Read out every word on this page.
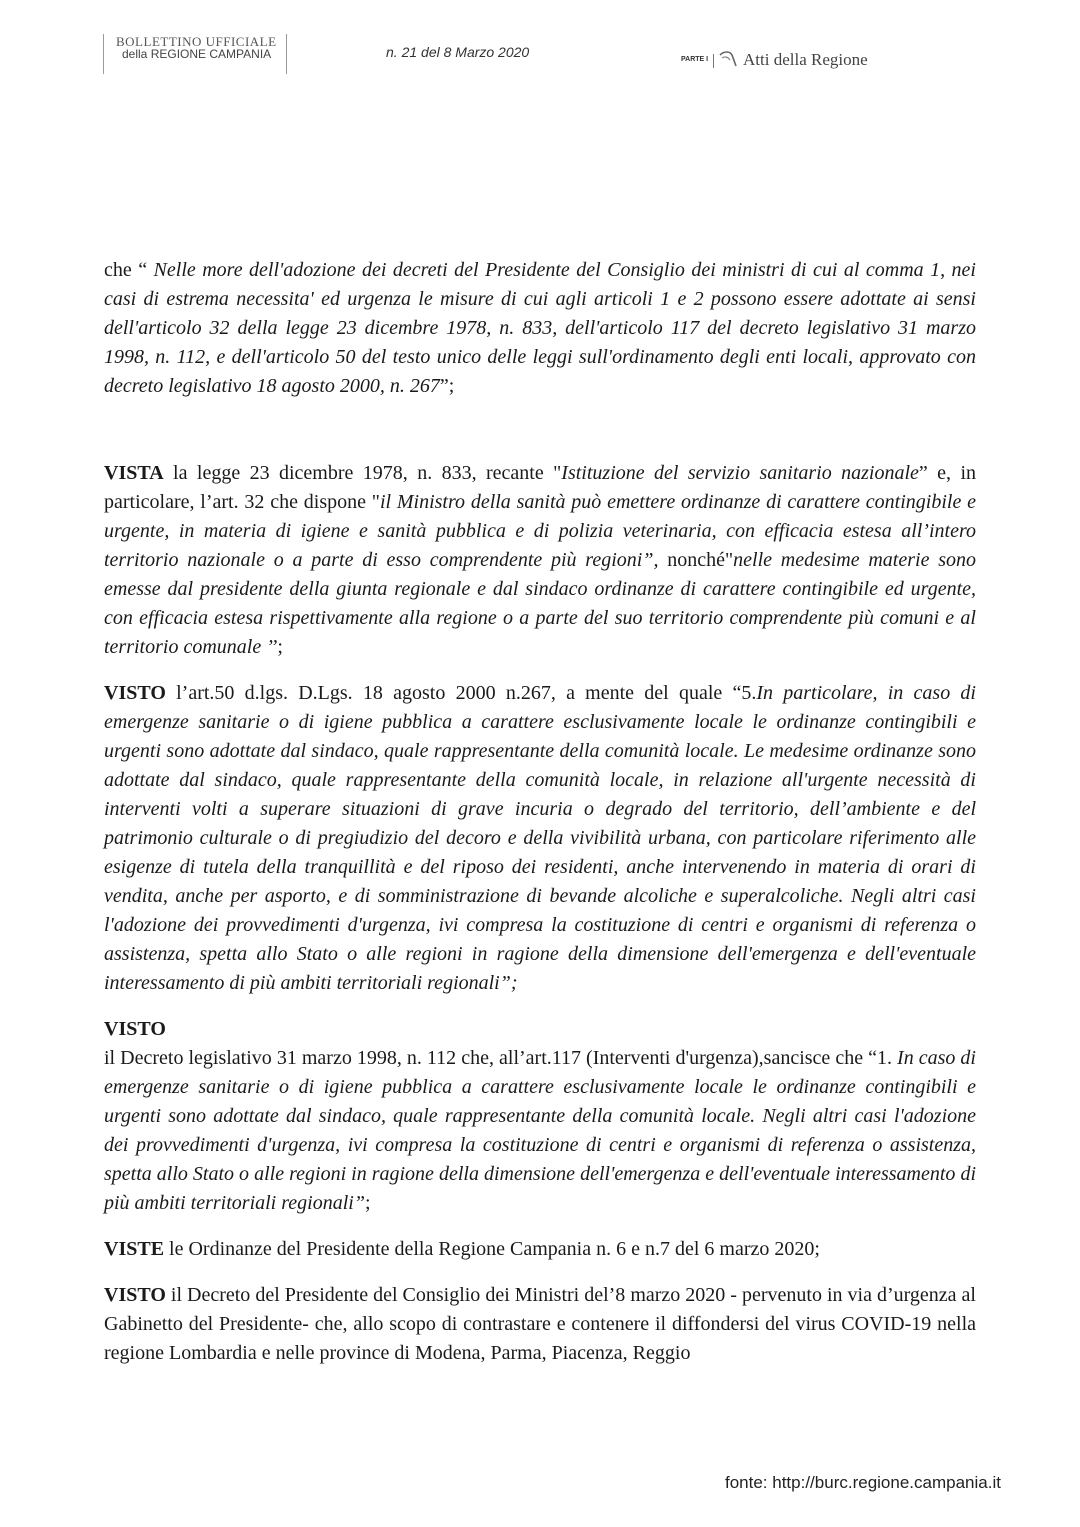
BOLLETTINO UFFICIALE
della REGIONE CAMPANIA	n. 21 del 8 Marzo 2020	PARTE I Atti della Regione

che “ Nelle more dell'adozione dei decreti del Presidente del Consiglio dei ministri di cui al comma 1, nei casi di estrema necessita' ed urgenza le misure di cui agli articoli 1 e 2 possono essere adottate ai sensi dell'articolo 32 della legge 23 dicembre 1978, n. 833, dell'articolo 117 del decreto legislativo 31 marzo 1998, n. 112, e dell'articolo 50 del testo unico delle leggi sull'ordinamento degli enti locali, approvato con decreto legislativo 18 agosto 2000, n. 267”;

VISTA la legge 23 dicembre 1978, n. 833, recante "Istituzione del servizio sanitario nazionale” e, in particolare, l’art. 32 che dispone "il Ministro della sanità può emettere ordinanze di carattere contingibile e urgente, in materia di igiene e sanità pubblica e di polizia veterinaria, con efficacia estesa all’intero territorio nazionale o a parte di esso comprendente più regioni”, nonché"nelle medesime materie sono emesse dal presidente della giunta regionale e dal sindaco ordinanze di carattere contingibile ed urgente, con efficacia estesa rispettivamente alla regione o a parte del suo territorio comprendente più comuni e al territorio comunale ’’;

VISTO l’art.50 d.lgs. D.Lgs. 18 agosto 2000 n.267, a mente del quale “5.In particolare, in caso di emergenze sanitarie o di igiene pubblica a carattere esclusivamente locale le ordinanze contingibili e urgenti sono adottate dal sindaco, quale rappresentante della comunità locale. Le medesime ordinanze sono adottate dal sindaco, quale rappresentante della comunità locale, in relazione all'urgente necessità di interventi volti a superare situazioni di grave incuria o degrado del territorio, dell’ambiente e del patrimonio culturale o di pregiudizio del decoro e della vivibilità urbana, con particolare riferimento alle esigenze di tutela della tranquillità e del riposo dei residenti, anche intervenendo in materia di orari di vendita, anche per asporto, e di somministrazione di bevande alcoliche e superalcoliche. Negli altri casi l'adozione dei provvedimenti d'urgenza, ivi compresa la costituzione di centri e organismi di referenza o assistenza, spetta allo Stato o alle regioni in ragione della dimensione dell'emergenza e dell'eventuale interessamento di più ambiti territoriali regionali”;

VISTO
il Decreto legislativo 31 marzo 1998, n. 112 che, all’art.117 (Interventi d'urgenza),sancisce che “1. In caso di emergenze sanitarie o di igiene pubblica a carattere esclusivamente locale le ordinanze contingibili e urgenti sono adottate dal sindaco, quale rappresentante della comunità locale. Negli altri casi l'adozione dei provvedimenti d'urgenza, ivi compresa la costituzione di centri e organismi di referenza o assistenza, spetta allo Stato o alle regioni in ragione della dimensione dell'emergenza e dell'eventuale interessamento di più ambiti territoriali regionali”;

VISTE le Ordinanze del Presidente della Regione Campania n. 6 e n.7 del 6 marzo 2020;

VISTO il Decreto del Presidente del Consiglio dei Ministri del’8 marzo 2020 - pervenuto in via d’urgenza al Gabinetto del Presidente- che, allo scopo di contrastare e contenere il diffondersi del virus COVID-19 nella regione Lombardia e nelle province di Modena, Parma, Piacenza, Reggio

fonte: http://burc.regione.campania.it
